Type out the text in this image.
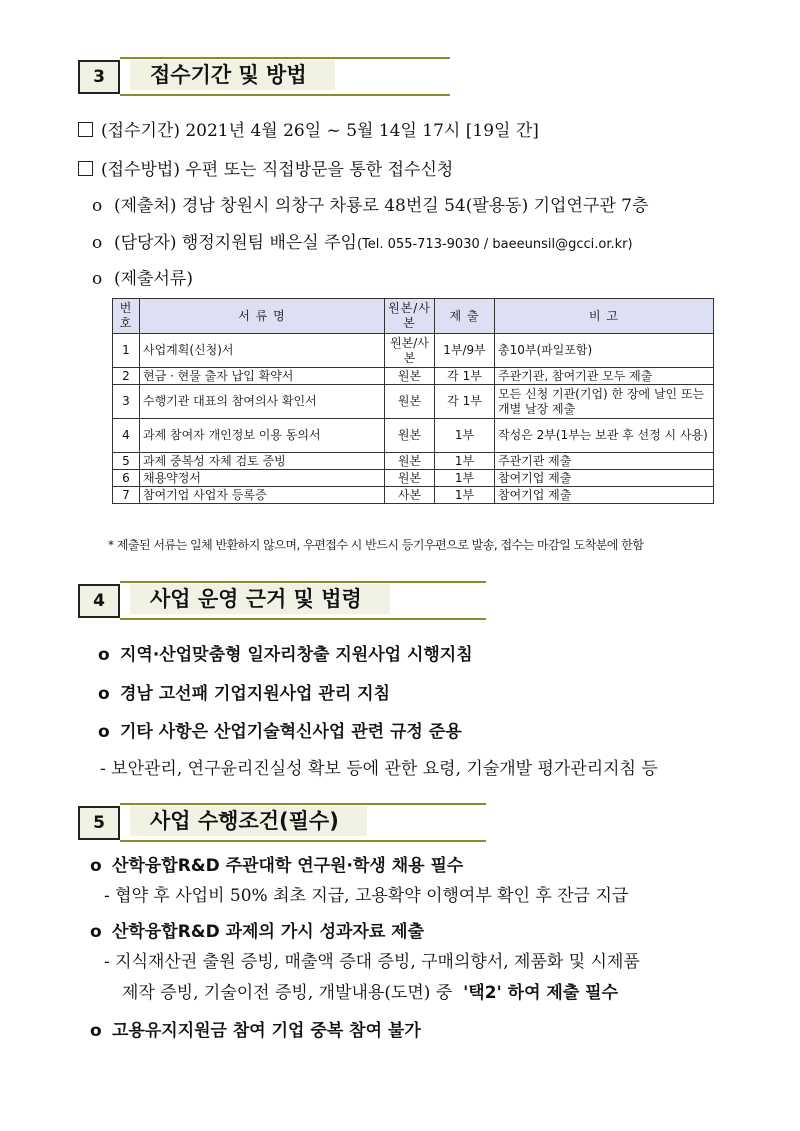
3	접수기간 및 방법
(접수기간) 2021년 4월 26일 ~ 5월 14일 17시 [19일 간]
(접수방법) 우편 또는 직접방문을 통한 접수신청
o (제출처) 경남 창원시 의창구 차룡로 48번길 54(팔용동) 기업연구관 7층
o (담당자) 행정지원팀 배은실 주임(Tel. 055-713-9030 / baeeunsil@gcci.or.kr)
o (제출서류)
번호	서 류 명	원본/사본	제 출	비 고
1	사업계획(신청)서	원본/사본	1부/9부	총10부(파일포함)
2	현금 · 현물 출자 납입 확약서	원본	각 1부	주관기관, 참여기관 모두 제출
3	수행기관 대표의 참여의사 확인서	원본	각 1부	모든 신청 기관(기업) 한 장에 날인 또는 개별 날장 제출
4	과제 참여자 개인정보 이용 동의서	원본	1부	작성은 2부(1부는 보관 후 선정 시 사용)
5	과제 중복성 자체 검토 증빙	원본	1부	주관기관 제출
6	채용약정서	원본	1부	참여기업 제출
7	참여기업 사업자 등록증	사본	1부	참여기업 제출
* 제출된 서류는 일체 반환하지 않으며, 우편접수 시 반드시 등기우편으로 발송, 접수는 마감일 도착분에 한함
4	사업 운영 근거 및 법령
o 지역·산업맞춤형 일자리창출 지원사업 시행지침
o 경남 고선패 기업지원사업 관리 지침
o 기타 사항은 산업기술혁신사업 관련 규정 준용
- 보안관리, 연구윤리진실성 확보 등에 관한 요령, 기술개발 평가관리지침 등
5	사업 수행조건(필수)
o 산학융합R&D 주관대학 연구원·학생 채용 필수
- 협약 후 사업비 50% 최초 지급, 고용확약 이행여부 확인 후 잔금 지급
o 산학융합R&D 과제의 가시 성과자료 제출
- 지식재산권 출원 증빙, 매출액 증대 증빙, 구매의향서, 제품화 및 시제품
제작 증빙, 기술이전 증빙, 개발내용(도면) 중 '택2' 하여 제출 필수
o 고용유지지원금 참여 기업 중복 참여 불가
